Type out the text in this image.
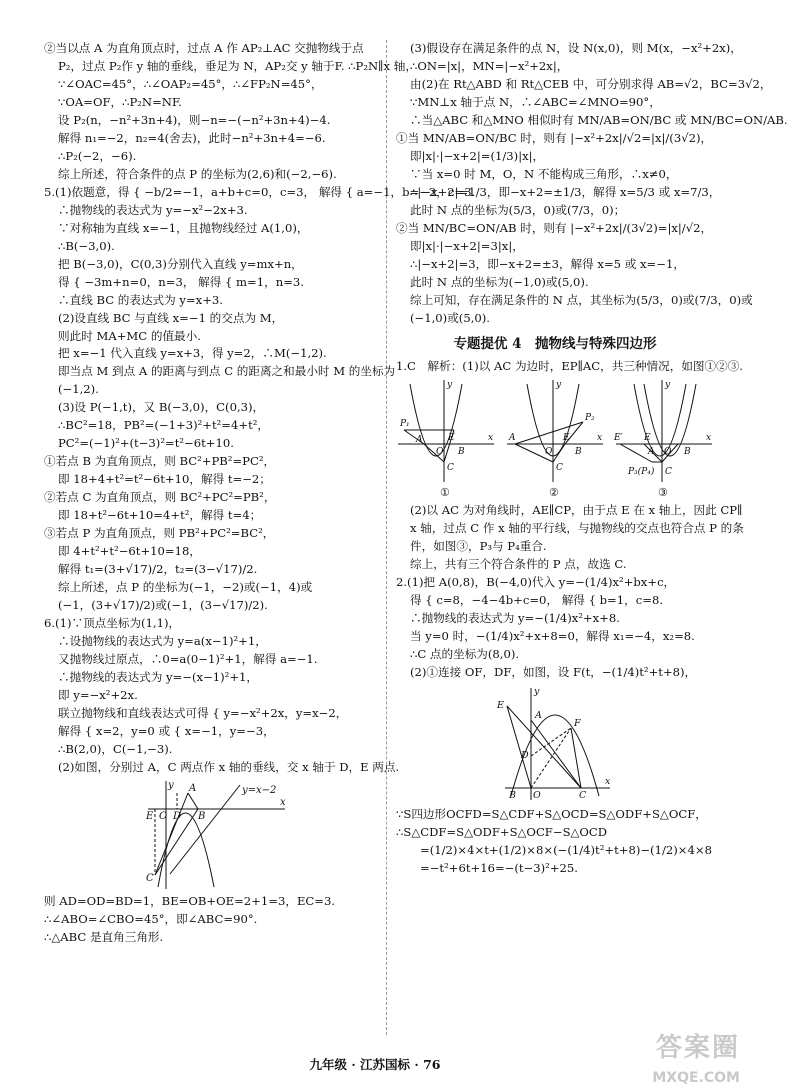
②当以点 A 为直角顶点时，过点 A 作 AP₂⊥AC 交抛物线于点
P₂，过点 P₂作 y 轴的垂线，垂足为 N，AP₂交 y 轴于F. ∴P₂N∥x 轴，
∵∠OAC=45°，∴∠OAP₂=45°，∴∠FP₂N=45°，
∵OA=OF，∴P₂N=NF.
设 P₂(n，−n²+3n+4)，则−n=−(−n²+3n+4)−4.
解得 n₁=−2，n₂=4(舍去)，此时−n²+3n+4=−6.
∴P₂(−2，−6).
综上所述，符合条件的点 P 的坐标为(2,6)和(−2,−6).
5.(1)依题意，得 { −b/2=−1，a+b+c=0，c=3， 解得 { a=−1，b=−2，c=3.
∴抛物线的表达式为 y=−x²−2x+3.
∵对称轴为直线 x=−1，且抛物线经过 A(1,0)，
∴B(−3,0).
把 B(−3,0)，C(0,3)分别代入直线 y=mx+n，
得 { −3m+n=0，n=3， 解得 { m=1，n=3.
∴直线 BC 的表达式为 y=x+3.
(2)设直线 BC 与直线 x=−1 的交点为 M，
则此时 MA+MC 的值最小.
把 x=−1 代入直线 y=x+3，得 y=2，∴M(−1,2).
即当点 M 到点 A 的距离与到点 C 的距离之和最小时 M 的坐标为
(−1,2).
(3)设 P(−1,t)，又 B(−3,0)，C(0,3)，
∴BC²=18，PB²=(−1+3)²+t²=4+t²，
PC²=(−1)²+(t−3)²=t²−6t+10.
①若点 B 为直角顶点，则 BC²+PB²=PC²，
即 18+4+t²=t²−6t+10，解得 t=−2；
②若点 C 为直角顶点，则 BC²+PC²=PB²，
即 18+t²−6t+10=4+t²，解得 t=4；
③若点 P 为直角顶点，则 PB²+PC²=BC²，
即 4+t²+t²−6t+10=18，
解得 t₁=(3+√17)/2，t₂=(3−√17)/2.
综上所述，点 P 的坐标为(−1，−2)或(−1，4)或
(−1，(3+√17)/2)或(−1，(3−√17)/2).
6.(1)∵顶点坐标为(1,1)，
∴设抛物线的表达式为 y=a(x−1)²+1，
又抛物线过原点，∴0=a(0−1)²+1，解得 a=−1.
∴抛物线的表达式为 y=−(x−1)²+1，
即 y=−x²+2x.
联立抛物线和直线表达式可得 { y=−x²+2x，y=x−2，
解得 { x=2，y=0 或 { x=−1，y=−3，
∴B(2,0)，C(−1,−3).
(2)如图，分别过 A，C 两点作 x 轴的垂线，交 x 轴于 D，E 两点.
y	y=x−2
A
O D
E	B
x
C
则 AD=OD=BD=1，BE=OB+OE=2+1=3，EC=3.
∴∠ABO=∠CBO=45°，即∠ABC=90°.
∴△ABC 是直角三角形.
(3)假设存在满足条件的点 N，设 N(x,0)，则 M(x，−x²+2x)，
∴ON=|x|，MN=|−x²+2x|，
由(2)在 Rt△ABD 和 Rt△CEB 中，可分别求得 AB=√2，BC=3√2，
∵MN⊥x 轴于点 N，∴∠ABC=∠MNO=90°，
∴当△ABC 和△MNO 相似时有 MN/AB=ON/BC 或 MN/BC=ON/AB.
①当 MN/AB=ON/BC 时，则有 |−x²+2x|/√2=|x|/(3√2)，
即|x|·|−x+2|=(1/3)|x|，
∵当 x=0 时 M，O，N 不能构成三角形，∴x≠0，
∴|−x+2|=1/3，即−x+2=±1/3，解得 x=5/3 或 x=7/3，
此时 N 点的坐标为(5/3，0)或(7/3，0)；
②当 MN/BC=ON/AB 时，则有 |−x²+2x|/(3√2)=|x|/√2，
即|x|·|−x+2|=3|x|，
∴|−x+2|=3，即−x+2=±3，解得 x=5 或 x=−1，
此时 N 点的坐标为(−1,0)或(5,0).
综上可知，存在满足条件的 N 点，其坐标为(5/3，0)或(7/3，0)或
(−1,0)或(5,0).
专题提优 4　抛物线与特殊四边形
1.C　解析：(1)以 AC 为边时，EP∥AC，共三种情况，如图①②③.
y
P₁
A	E
O B
x
C
①
y
P₂
A
O
E
B
x
C
②
y
E′ E
A O B
x
P₃(P₄) C
③
(2)以 AC 为对角线时，AE∥CP，由于点 E 在 x 轴上，因此 CP∥
x 轴，过点 C 作 x 轴的平行线，与抛物线的交点也符合点 P 的条
件，如图③，P₃与 P₄重合.
综上，共有三个符合条件的 P 点，故选 C.
2.(1)把 A(0,8)，B(−4,0)代入 y=−(1/4)x²+bx+c，
得 { c=8，−4−4b+c=0， 解得 { b=1，c=8.
∴抛物线的表达式为 y=−(1/4)x²+x+8.
当 y=0 时，−(1/4)x²+x+8=0，解得 x₁=−4，x₂=8.
∴C 点的坐标为(8,0).
(2)①连接 OF，DF，如图，设 F(t，−(1/4)t²+t+8)，
y
E
A
F
D
B O	C
x
∵S四边形OCFD=S△CDF+S△OCD=S△ODF+S△OCF，
∴S△CDF=S△ODF+S△OCF−S△OCD
=(1/2)×4×t+(1/2)×8×(−(1/4)t²+t+8)−(1/2)×4×8
=−t²+6t+16=−(t−3)²+25.
九年级 · 江苏国标 · 76
答案圈
MXQE.COM
